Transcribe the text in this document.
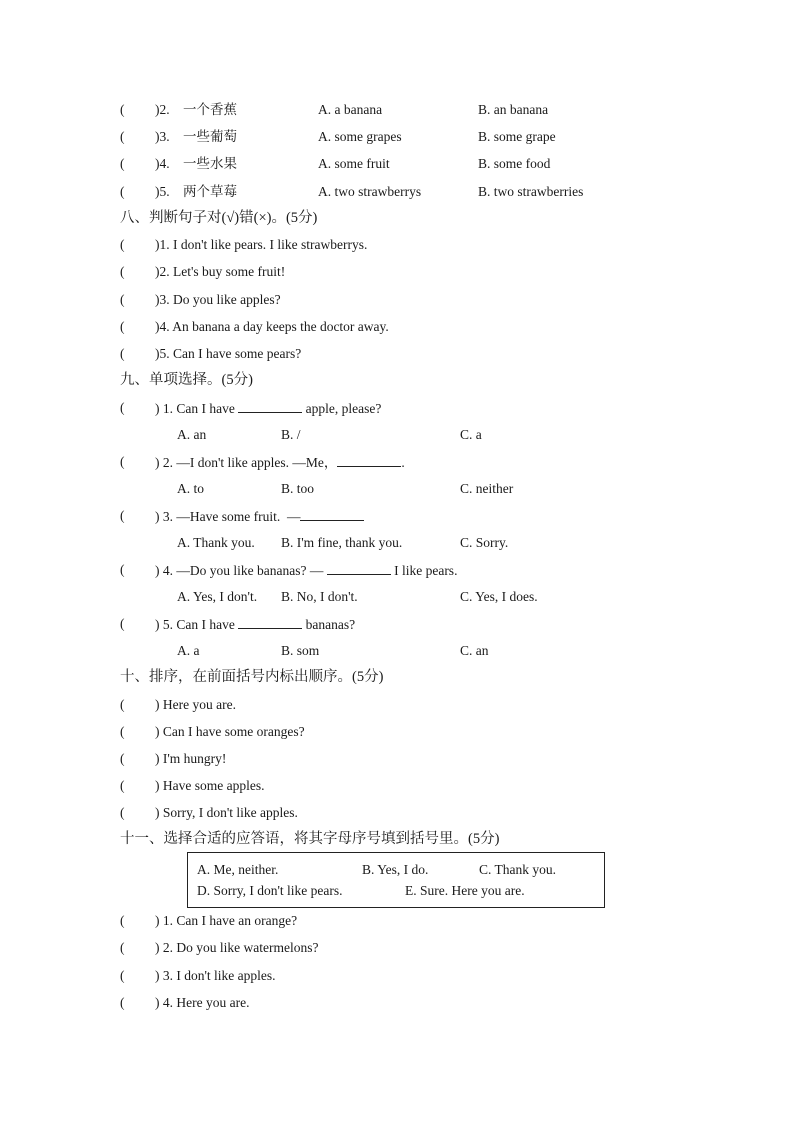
( )2. 一个香蕉	A. a banana	B. an banana
( )3. 一些葡萄	A. some grapes	B. some grape
( )4. 一些水果	A. some fruit	B. some food
( )5. 两个草莓	A. two strawberrys	B. two strawberries
八、判断句子对(√)错(×)。(5分)
( )1. I don't like pears. I like strawberrys.
( )2. Let's buy some fruit!
( )3. Do you like apples?
( )4. An banana a day keeps the doctor away.
( )5. Can I have some pears?
九、单项选择。(5分)
( ) 1. Can I have	apple, please?
A. an	B. /	C. a
( ) 2. —I don't like apples. —Me，	.
A. to	B. too	C. neither
( ) 3. —Have some fruit.  —
A. Thank you. B. I'm fine, thank you.	C. Sorry.
( ) 4. —Do you like bananas? —	I like pears.
A. Yes, I don't. B. No, I don't.	C. Yes, I does.
( ) 5. Can I have	bananas?
A. a	B. som	C. an
十、排序，在前面括号内标出顺序。(5分)
( ) Here you are.
( ) Can I have some oranges?
( ) I'm hungry!
( ) Have some apples.
( ) Sorry, I don't like apples.
十一、选择合适的应答语，将其字母序号填到括号里。(5分)
A. Me, neither.	B. Yes, I do.	C. Thank you.
D. Sorry, I don't like pears.	E. Sure. Here you are.
( ) 1. Can I have an orange?
( ) 2. Do you like watermelons?
( ) 3. I don't like apples.
( ) 4. Here you are.
